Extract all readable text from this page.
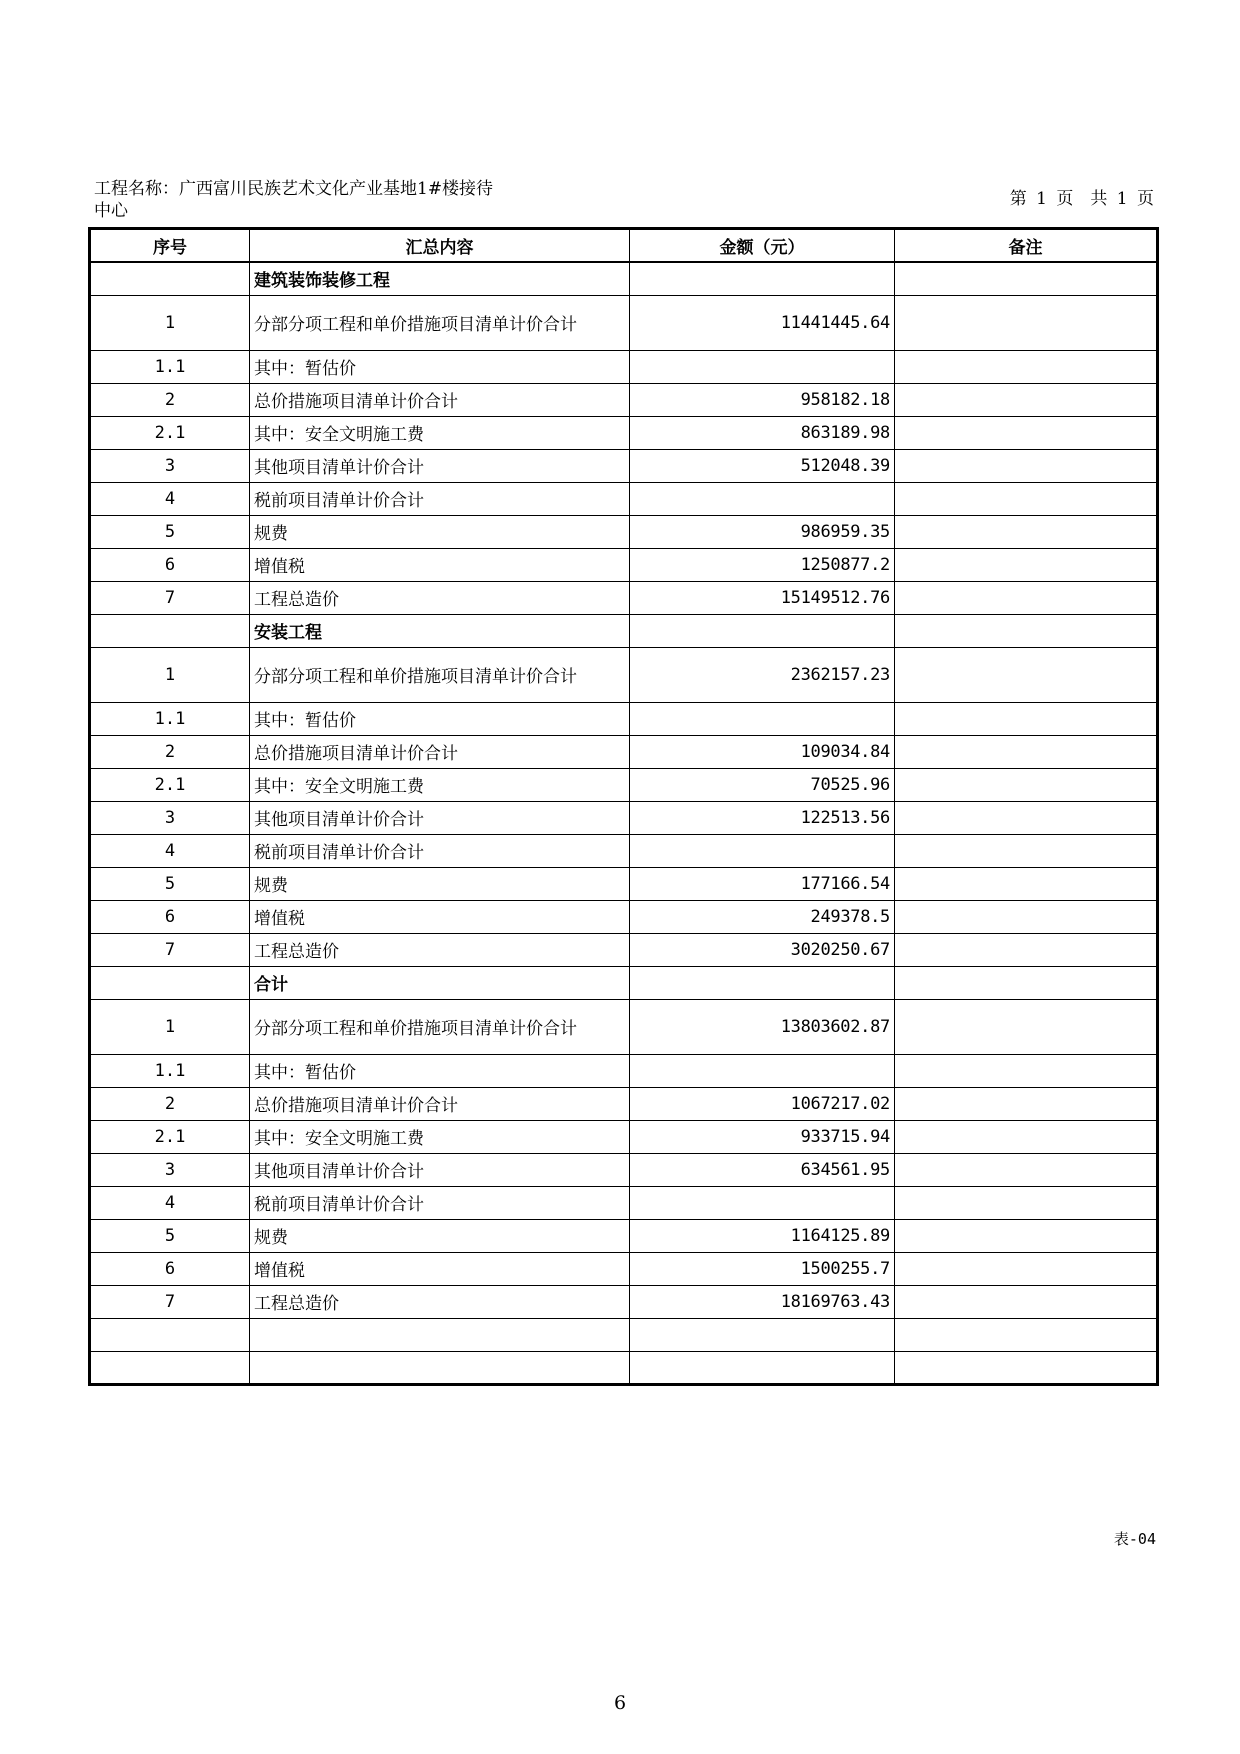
工程名称：广西富川民族艺术文化产业基地1#楼接待
中心
第 1 页　共 1 页
序号	汇总内容	金额（元）	备注
	建筑装饰装修工程		
1	分部分项工程和单价措施项目清单计价合计	11441445.64	
1.1	其中：暂估价		
2	总价措施项目清单计价合计	958182.18	
2.1	其中：安全文明施工费	863189.98	
3	其他项目清单计价合计	512048.39	
4	税前项目清单计价合计		
5	规费	986959.35	
6	增值税	1250877.2	
7	工程总造价	15149512.76	
	安装工程		
1	分部分项工程和单价措施项目清单计价合计	2362157.23	
1.1	其中：暂估价		
2	总价措施项目清单计价合计	109034.84	
2.1	其中：安全文明施工费	70525.96	
3	其他项目清单计价合计	122513.56	
4	税前项目清单计价合计		
5	规费	177166.54	
6	增值税	249378.5	
7	工程总造价	3020250.67	
	合计		
1	分部分项工程和单价措施项目清单计价合计	13803602.87	
1.1	其中：暂估价		
2	总价措施项目清单计价合计	1067217.02	
2.1	其中：安全文明施工费	933715.94	
3	其他项目清单计价合计	634561.95	
4	税前项目清单计价合计		
5	规费	1164125.89	
6	增值税	1500255.7	
7	工程总造价	18169763.43	

表-04
6
